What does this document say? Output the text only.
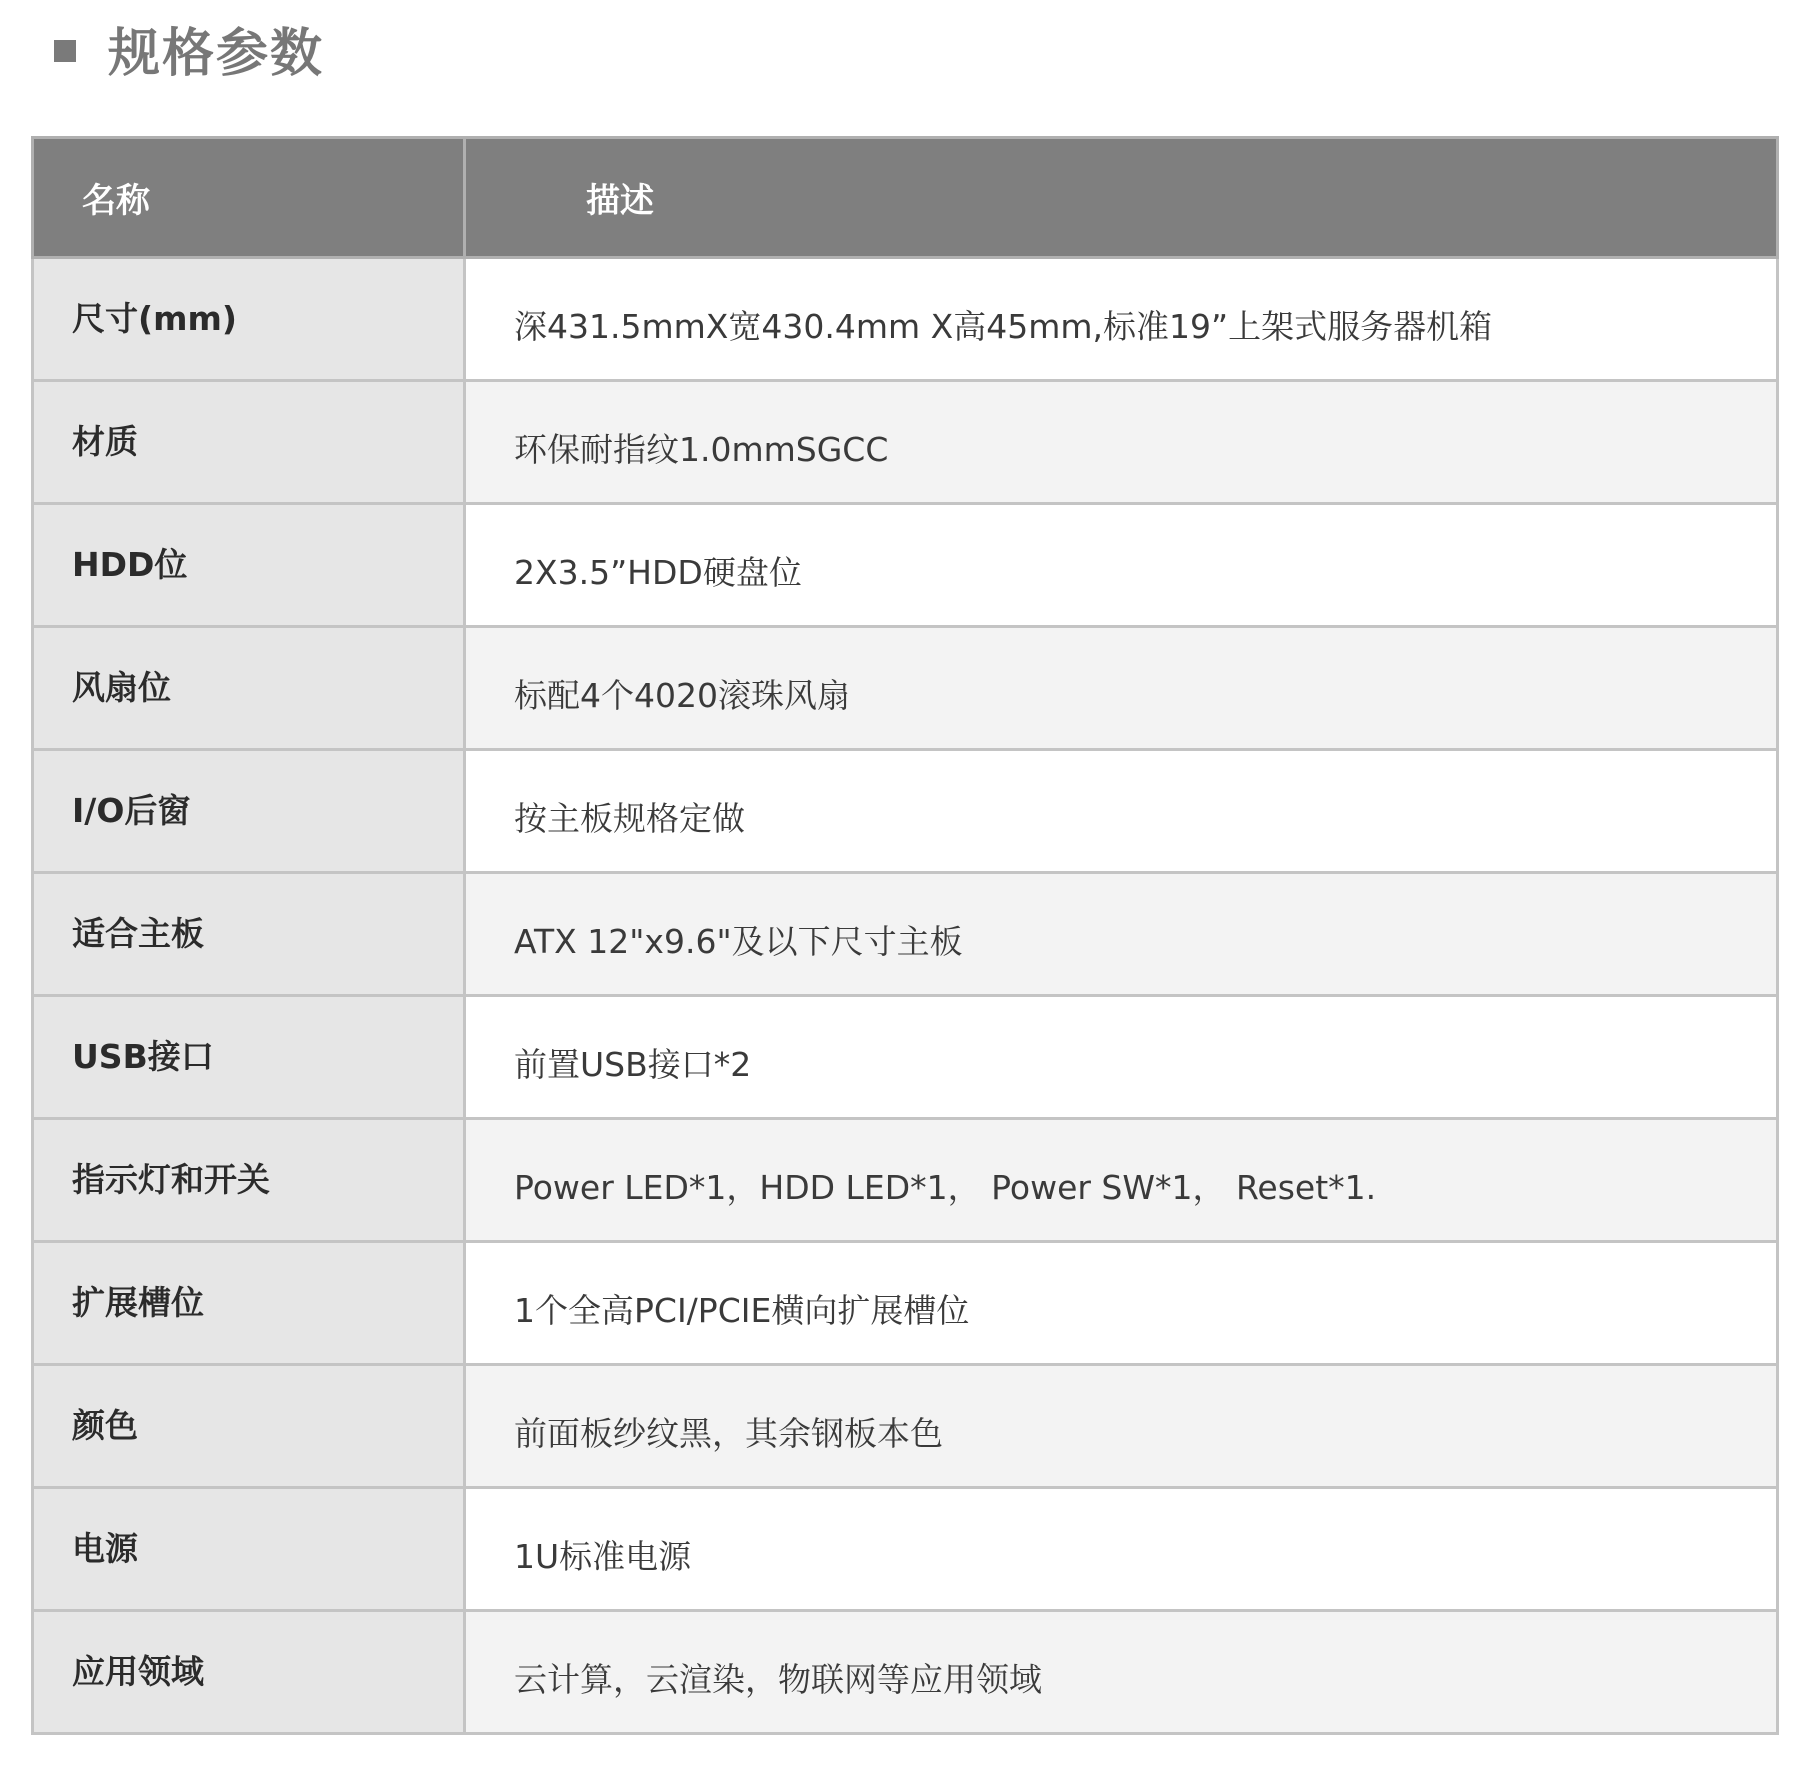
规格参数
名称	描述
尺寸(mm)	深431.5mmX宽430.4mm X高45mm,标准19”上架式服务器机箱
材质	环保耐指纹1.0mmSGCC
HDD位	2X3.5”HDD硬盘位
风扇位	标配4个4020滚珠风扇
I/O后窗	按主板规格定做
适合主板	ATX 12"x9.6"及以下尺寸主板
USB接口	前置USB接口*2
指示灯和开关	Power LED*1，HDD LED*1， Power SW*1， Reset*1.
扩展槽位	1个全高PCI/PCIE横向扩展槽位
颜色	前面板纱纹黑，其余钢板本色
电源	1U标准电源
应用领域	云计算，云渲染，物联网等应用领域
